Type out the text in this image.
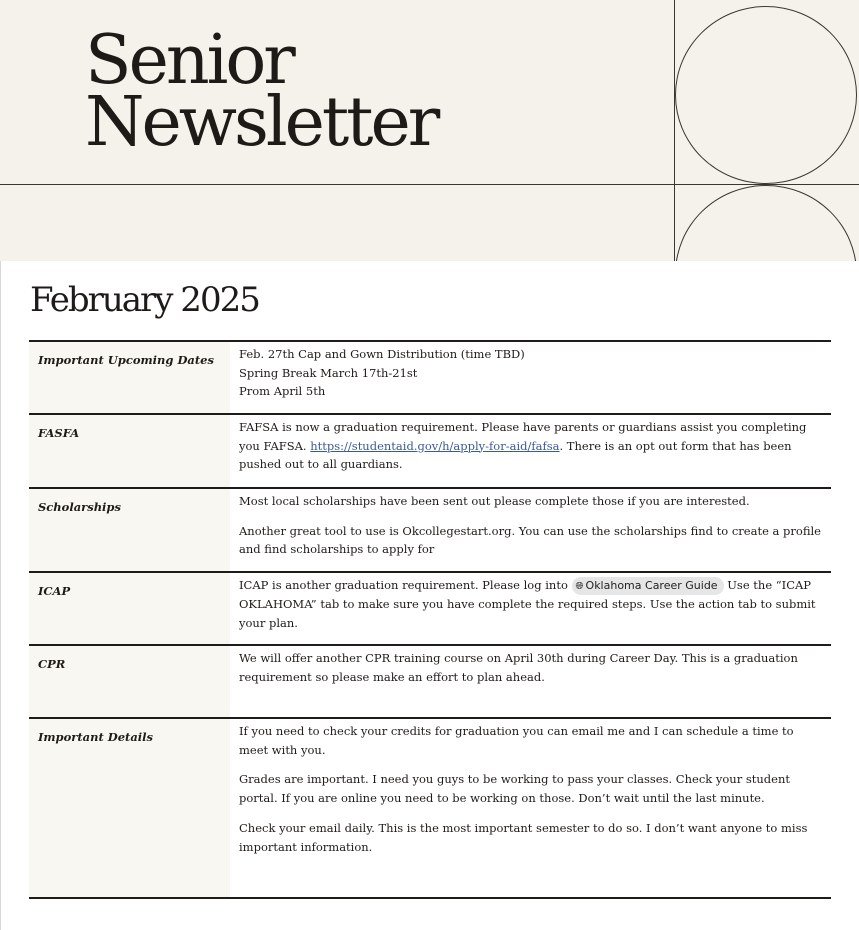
Senior
Newsletter
February 2025
Important Upcoming Dates	Feb. 27th Cap and Gown Distribution (time TBD)

Spring Break March 17th-21st

Prom April 5th

FASFA	FAFSA is now a graduation requirement. Please have parents or guardians assist you completing you FAFSA. https://studentaid.gov/h/apply-for-aid/fafsa. There is an opt out form that has been pushed out to all guardians.

Scholarships	Most local scholarships have been sent out please complete those if you are interested.

Another great tool to use is Okcollegestart.org. You can use the scholarships find to create a profile and find scholarships to apply for

ICAP	ICAP is another graduation requirement. Please log into 🌐︎ Oklahoma Career Guide Use the “ICAP OKLAHOMA” tab to make sure you have complete the required steps. Use the action tab to submit your plan.

CPR	We will offer another CPR training course on April 30th during Career Day. This is a graduation requirement so please make an effort to plan ahead.

Important Details	If you need to check your credits for graduation you can email me and I can schedule a time to meet with you.

Grades are important. I need you guys to be working to pass your classes. Check your student portal. If you are online you need to be working on those. Don’t wait until the last minute.

Check your email daily. This is the most important semester to do so. I don’t want anyone to miss important information.
